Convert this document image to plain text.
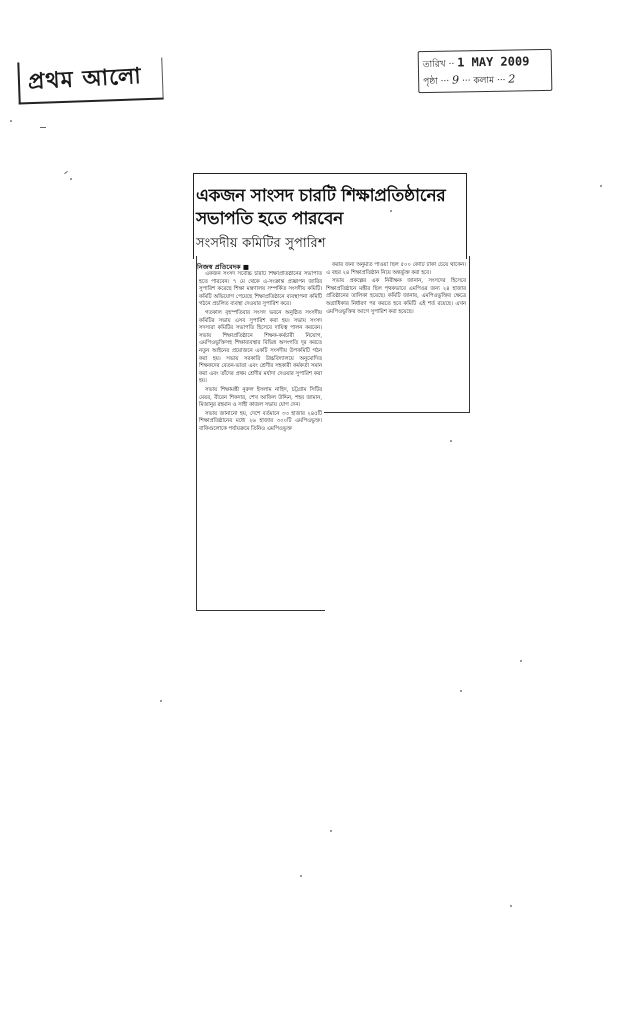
প্রথম আলো	তারিখ ·· 1 MAY 2009
পৃষ্ঠা ··· 9 ··· কলাম ··· 2
একজন সাংসদ চারটি শিক্ষাপ্রতিষ্ঠানের সভাপতি হতে পারবেন
সংসদীয় কমিটির সুপারিশ
নিজস্ব প্রতিবেদক ■

একজন সংসদ সর্বোচ্চ চারটি শিক্ষাপ্রতিষ্ঠানের সভাপতি হতে পারবেন। ৭ মে থেকে এ-সংক্রান্ত প্রজ্ঞাপন জারির সুপারিশ করেছে শিক্ষা মন্ত্রণালয় সম্পর্কিত সংসদীয় কমিটি। কমিটি অভিযোগ পেয়েছে শিক্ষাপ্রতিষ্ঠানে ব্যবস্থাপনা কমিটি গঠনে প্রচলিত ব্যবস্থা দেওয়ার সুপারিশ করে।

গতকাল বৃহস্পতিবার সংসদ ভবনে অনুষ্ঠিত সংসদীয় কমিটির সভায় এসব সুপারিশ করা হয়। সভায় সংসদ সদস্যরা কমিটির সভাপতি হিসেবে দায়িত্ব পালন করবেন। সভায় শিক্ষাপ্রতিষ্ঠানে শিক্ষক-কর্মচারী নিয়োগ, এমপিওভুক্তিসহ শিক্ষাব্যবস্থার বিভিন্ন অসংগতি দূর করতে নতুন আইনের প্রয়োজনে একটি সংসদীয় উপকমিটি গঠন করা হয়। সভায় সরকারি উচ্চবিদ্যালয়ে অনুমোদিত শিক্ষকদের বেতন-ভাতা এবং শ্রেণীর সহকারী কর্মকর্তা সমান করা এবং তাঁদের প্রথম শ্রেণীর মর্যাদা দেওয়ার সুপারিশ করা হয়।

সভায় শিক্ষামন্ত্রী নুরুল ইসলাম নাহিদ, চট্টগ্রাম সিটির মেয়র, বীরেন শিকদার, শেখ আফিল উদ্দিন, শহর জামান, মিজানুর রহমান ও সাহী কাজল সভায় যোগ দেন।

সভায় জানানো হয়, দেশে বর্তমানে ৩৩ হাজার ২৪৫টি শিক্ষাপ্রতিষ্ঠানের মধ্যে ২৬ হাজার ৩০০টি এমপিওভুক্ত। বাকিগুলোকে পর্যায়ক্রমে তিনিও এমপিওভুক্ত

করার জন্য অনুমতি পাওয়া ছিল ৫০০ কোটি টাকা চেয়ে থাকেন। এ বছর ২৪ শিক্ষাপ্রতিষ্ঠান নিয়ে অন্তর্ভুক্ত করা হবে।

সভায় প্রকল্পের এক নিরীক্ষক জানান, সংসদের হিসেবে শিক্ষাপ্রতিষ্ঠানে মন্ত্রীর ছিল পৃথকভাবে এমপিওর জন্য ২৪ হাজার প্রতিষ্ঠানের তালিকা হয়েছে। কমিটি জানায়, এমপিওভুক্তির ক্ষেত্রে অগ্রাধিকার নির্ধারণ পর করতে হবে কমিটি এই শর্ত রয়েছে। এখন এমপিওভুক্তির আগে সুপারিশ করা হয়েছে।
